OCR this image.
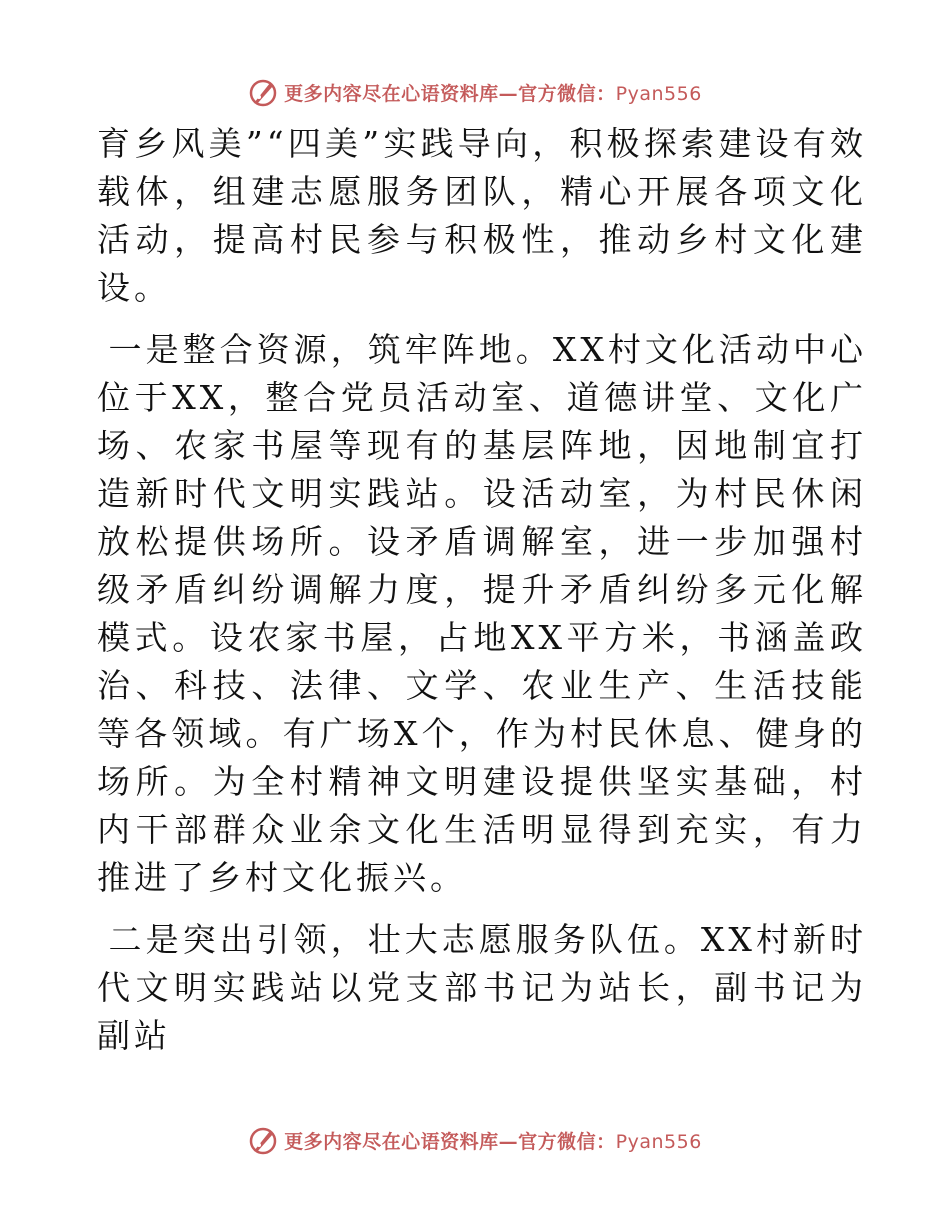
更多内容尽在心语资料库—官方微信：Pyan556

育乡风美”“四美”实践导向，积极探索建设有效载体，组建志愿服务团队，精心开展各项文化活动，提高村民参与积极性，推动乡村文化建设。

一是整合资源，筑牢阵地。XX村文化活动中心位于XX，整合党员活动室、道德讲堂、文化广场、农家书屋等现有的基层阵地，因地制宜打造新时代文明实践站。设活动室，为村民休闲放松提供场所。设矛盾调解室，进一步加强村级矛盾纠纷调解力度，提升矛盾纠纷多元化解模式。设农家书屋，占地XX平方米，书涵盖政治、科技、法律、文学、农业生产、生活技能等各领域。有广场X个，作为村民休息、健身的场所。为全村精神文明建设提供坚实基础，村内干部群众业余文化生活明显得到充实，有力推进了乡村文化振兴。

二是突出引领，壮大志愿服务队伍。XX村新时代文明实践站以党支部书记为站长，副书记为副站

更多内容尽在心语资料库—官方微信：Pyan556
